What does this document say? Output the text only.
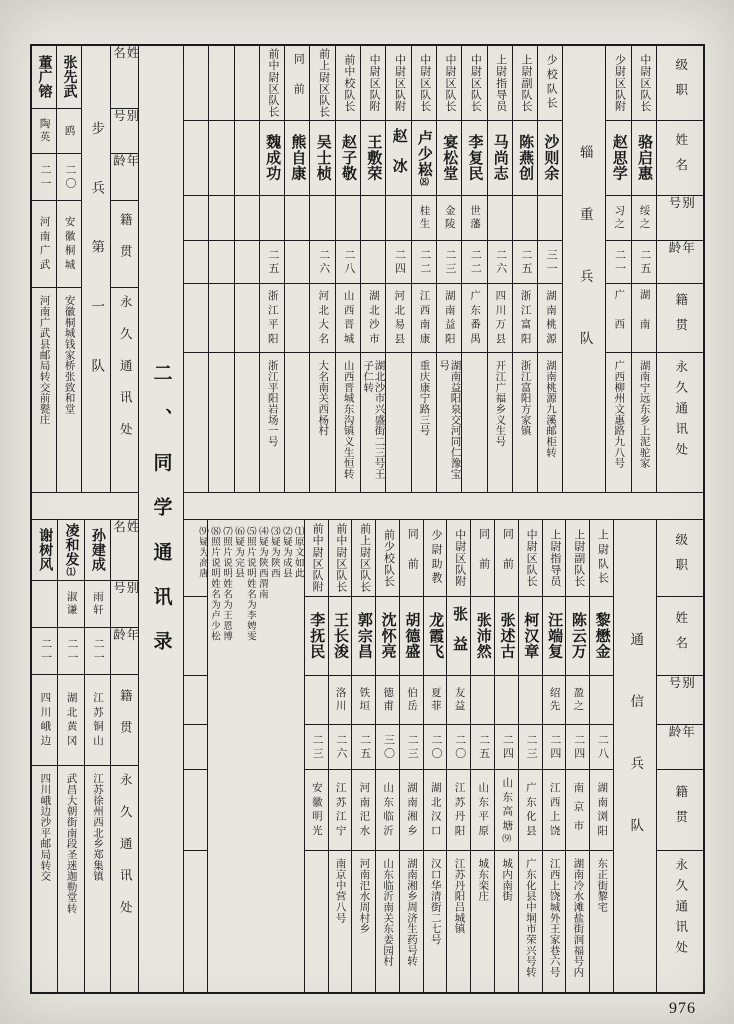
董广镕
陶英
二一
河南广武
河南广武县邮局转交前甏庄
张先武
鸥
二〇
安徽桐城
安徽桐城钱家桥张致和堂 步兵第一队
姓名
别号
年龄
籍贯
永久通讯处
谢树风
二一
四川峨边
四川峨边沙平邮局转交
凌和发⑴
淑谦
二一
湖北黄冈
武昌大朝街南段圣迷迦勒堂转
孙建成
雨轩
二一
江苏铜山
江苏徐州西北乡郑集镇
姓名
别号
年龄
籍贯
永久通讯处
二、同学通讯录
前中尉区队长
魏成功
二五
浙江平阳
浙江平阳岩场一号
同前
熊自康
前上尉区队长
吴士桢
二六
河北大名
大名南关西杨村
前中校队长
赵子敬
二八
山西晋城
山西晋城东沟镇义生恒转
中尉区队附
王敷荣
湖北沙市
湖北沙市兴盛街二三号王子仁转
中尉区队附
赵冰
二四
河北易县
中尉区队长
卢少崧⑻
桂生
二二
江西南康
重庆康宁路三号
中尉区队长
宴松堂
金陵
二三
湖南益阳
湖南益阳泉交河同仁豫宝号
中尉区队长
李复民
世藩
二二
广东番禺
上尉指导员
马尚志
二六
四川万县
开江广福乡义生号
上尉副队长
陈燕创
二五
浙江富阳
浙江富阳方家镇
少校队长
沙则余
三一
湖南桃源
湖南桃源九溪邮柜转
辎重兵队
少尉区队附
赵思学
习之
二一
广西
广西柳州文惠路九八号
中尉区队长
骆启惠
绥之
二五
湖南
湖南宁远东乡上泥驼家
级职
姓名
别号
年龄
籍贯
永久通讯处
⑴原文如此
⑵疑为成县
⑶疑为陕西
⑷疑为陕西渭南
⑸照片说明姓名为李娉雯
⑹疑为完县
⑺照片说明姓名为王恩博
⑻照片说明姓名为卢少松
⑼疑为高唐	前中尉区队附
李抚民
二三
安徽明光
前中尉区队长
王长浚
洛川
二六
江苏江宁
南京中营八号
前上尉区队长
郭宗昌
铁垣
二五
河南汜水
河南汜水周村乡
前少校队长
沈怀亮
德甫
三〇
山东临沂
山东临沂南关东姜园村
同前
胡德盛
伯岳
二三
湖南湘乡
湖南湘乡周济生药号转
少尉助教
龙霞飞
夏菲
二〇
湖北汉口
汉口华清街二七号
中尉区队附
张益
友益
二〇
江苏丹阳
江苏丹阳吕城镇
同前
张沛然
二五
山东平原
城东栾庄
同前
张述古
二四
山东高塘⑼
城内南街
中尉区队长
柯汉章
二三
广东化县
广东化县中垌市荣兴号转
上尉指导员
汪端复
绍先
二四
江西上饶
江西上饶城外王家巷六号
上尉副队长
陈云万
盈之
二四
南京市
湖南冷水滩盐街润福号内
上尉队长
黎懋金
二八
湖南浏阳
东正街黎宅
通信兵队
级职
姓名
别号
年龄
籍贯
永久通讯处
976
